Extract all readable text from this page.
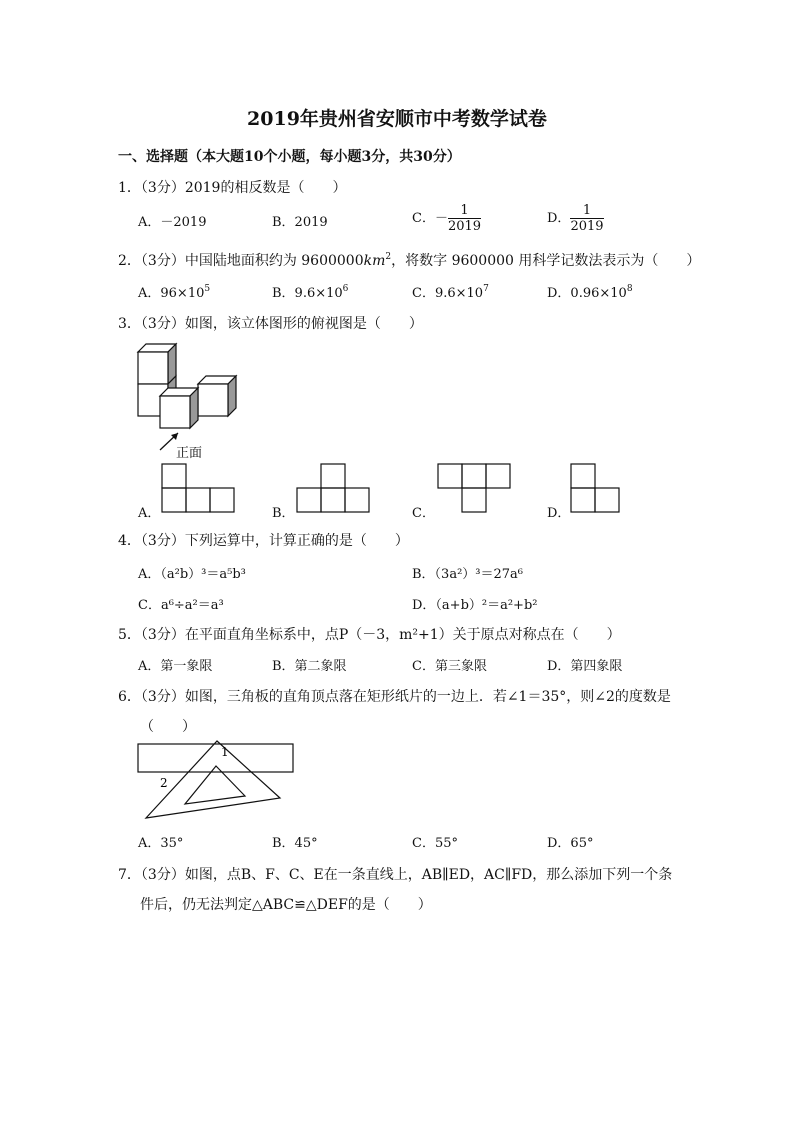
2019年贵州省安顺市中考数学试卷
一、选择题（本大题10个小题，每小题3分，共30分）
1．（3分）2019的相反数是（　　）
A．－2019	B．2019	C．－ $\frac{1}{2019}$	D． $\frac{1}{2019}$
2．（3分）中国陆地面积约为 $9600000km^2$，将数字 9600000 用科学记数法表示为（　　）
A．$96\times 10^5$	B．$9.6\times 10^6$	C．$9.6\times 10^7$	D．$0.96\times 10^8$
3．（3分）如图，该立体图形的俯视图是（　　）
正面
A．	B．	C．	D．
4．（3分）下列运算中，计算正确的是（　　）
A．（a²b）³＝a⁵b³	B．（3a²）³＝27a⁶
C．a⁶÷a²＝a³	D．（a+b）²＝a²+b²
5．（3分）在平面直角坐标系中，点P（－3，m²+1）关于原点对称点在（　　）
A．第一象限	B．第二象限	C．第三象限	D．第四象限
6．（3分）如图，三角板的直角顶点落在矩形纸片的一边上．若∠1＝35°，则∠2的度数是
（　　）
1
2
A．35°	B．45°	C．55°	D．65°
7．（3分）如图，点B、F、C、E在一条直线上，AB∥ED，AC∥FD，那么添加下列一个条
件后，仍无法判定△ABC≌△DEF的是（　　）
